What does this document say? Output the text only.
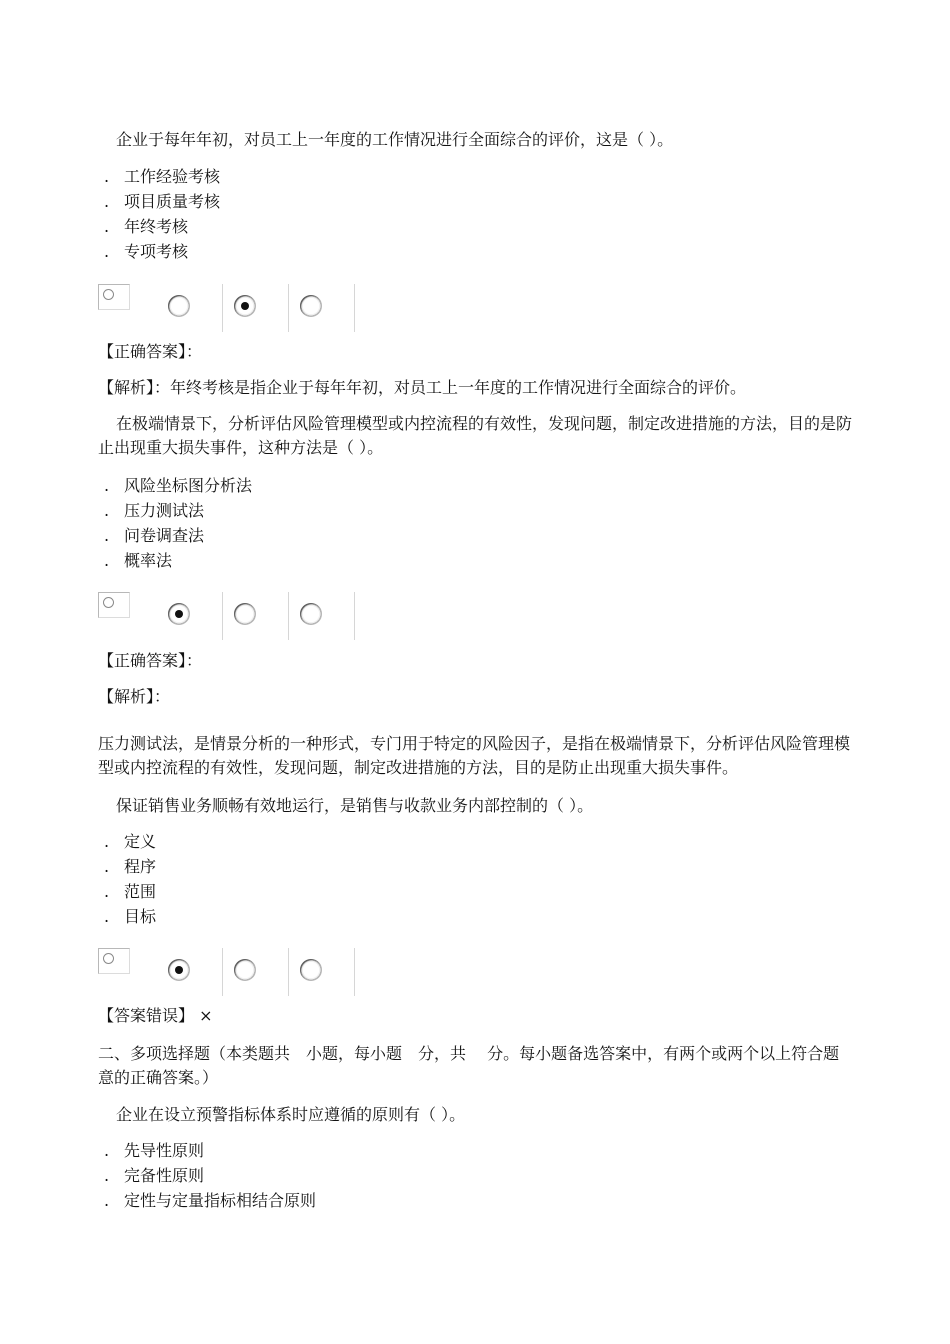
企业于每年年初，对员工上一年度的工作情况进行全面综合的评价，这是（ ）。
. 工作经验考核
. 项目质量考核
. 年终考核
. 专项考核
【正确答案】：
【解析】：年终考核是指企业于每年年初，对员工上一年度的工作情况进行全面综合的评价。
在极端情景下，分析评估风险管理模型或内控流程的有效性，发现问题，制定改进措施的方法，目的是防止出现重大损失事件，这种方法是（ ）。
. 风险坐标图分析法
. 压力测试法
. 问卷调查法
. 概率法
【正确答案】：
【解析】：
压力测试法，是情景分析的一种形式，专门用于特定的风险因子，是指在极端情景下，分析评估风险管理模型或内控流程的有效性，发现问题，制定改进措施的方法，目的是防止出现重大损失事件。
保证销售业务顺畅有效地运行，是销售与收款业务内部控制的（ ）。
. 定义
. 程序
. 范围
. 目标
【答案错误】 ×
二、多项选择题（本类题共　小题，每小题　分，共　 分。每小题备选答案中，有两个或两个以上符合题意的正确答案。）
企业在设立预警指标体系时应遵循的原则有（ ）。
. 先导性原则
. 完备性原则
. 定性与定量指标相结合原则
